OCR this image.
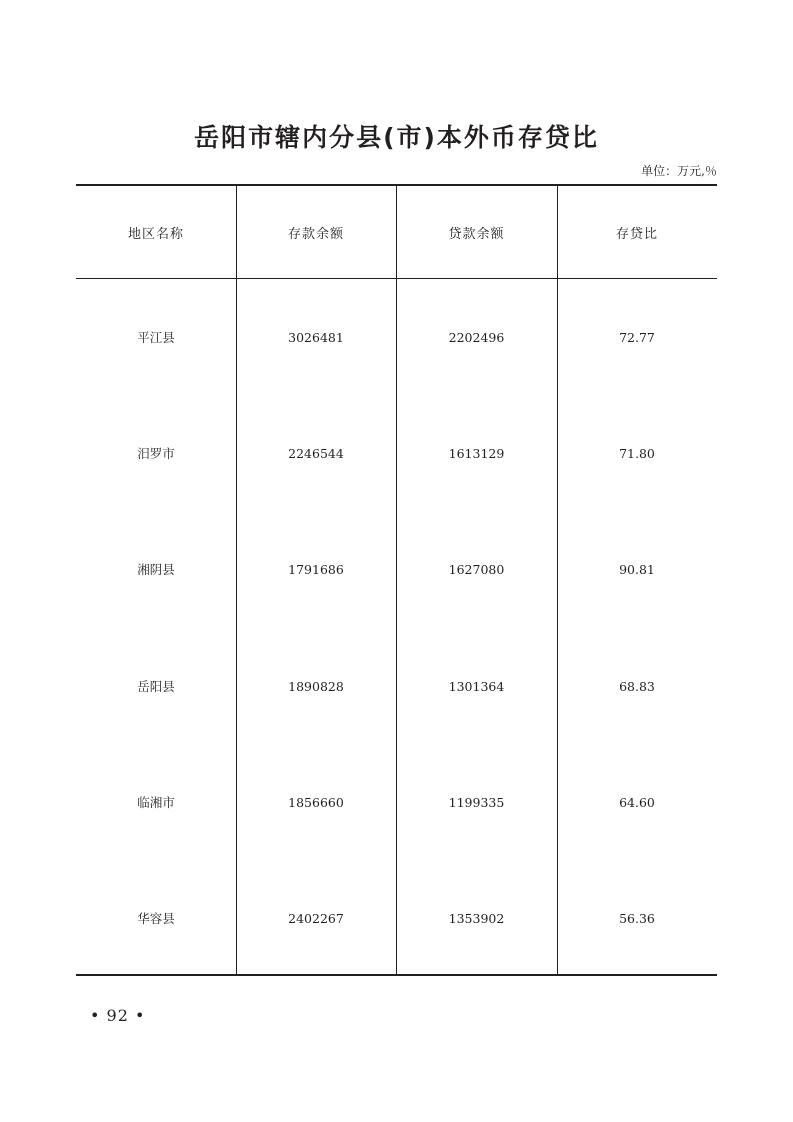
岳阳市辖内分县(市)本外币存贷比
单位：万元,％
地区名称	存款余额	贷款余额	存贷比
平江县	3026481	2202496	72.77
汨罗市	2246544	1613129	71.80
湘阴县	1791686	1627080	90.81
岳阳县	1890828	1301364	68.83
临湘市	1856660	1199335	64.60
华容县	2402267	1353902	56.36
• 92 •
